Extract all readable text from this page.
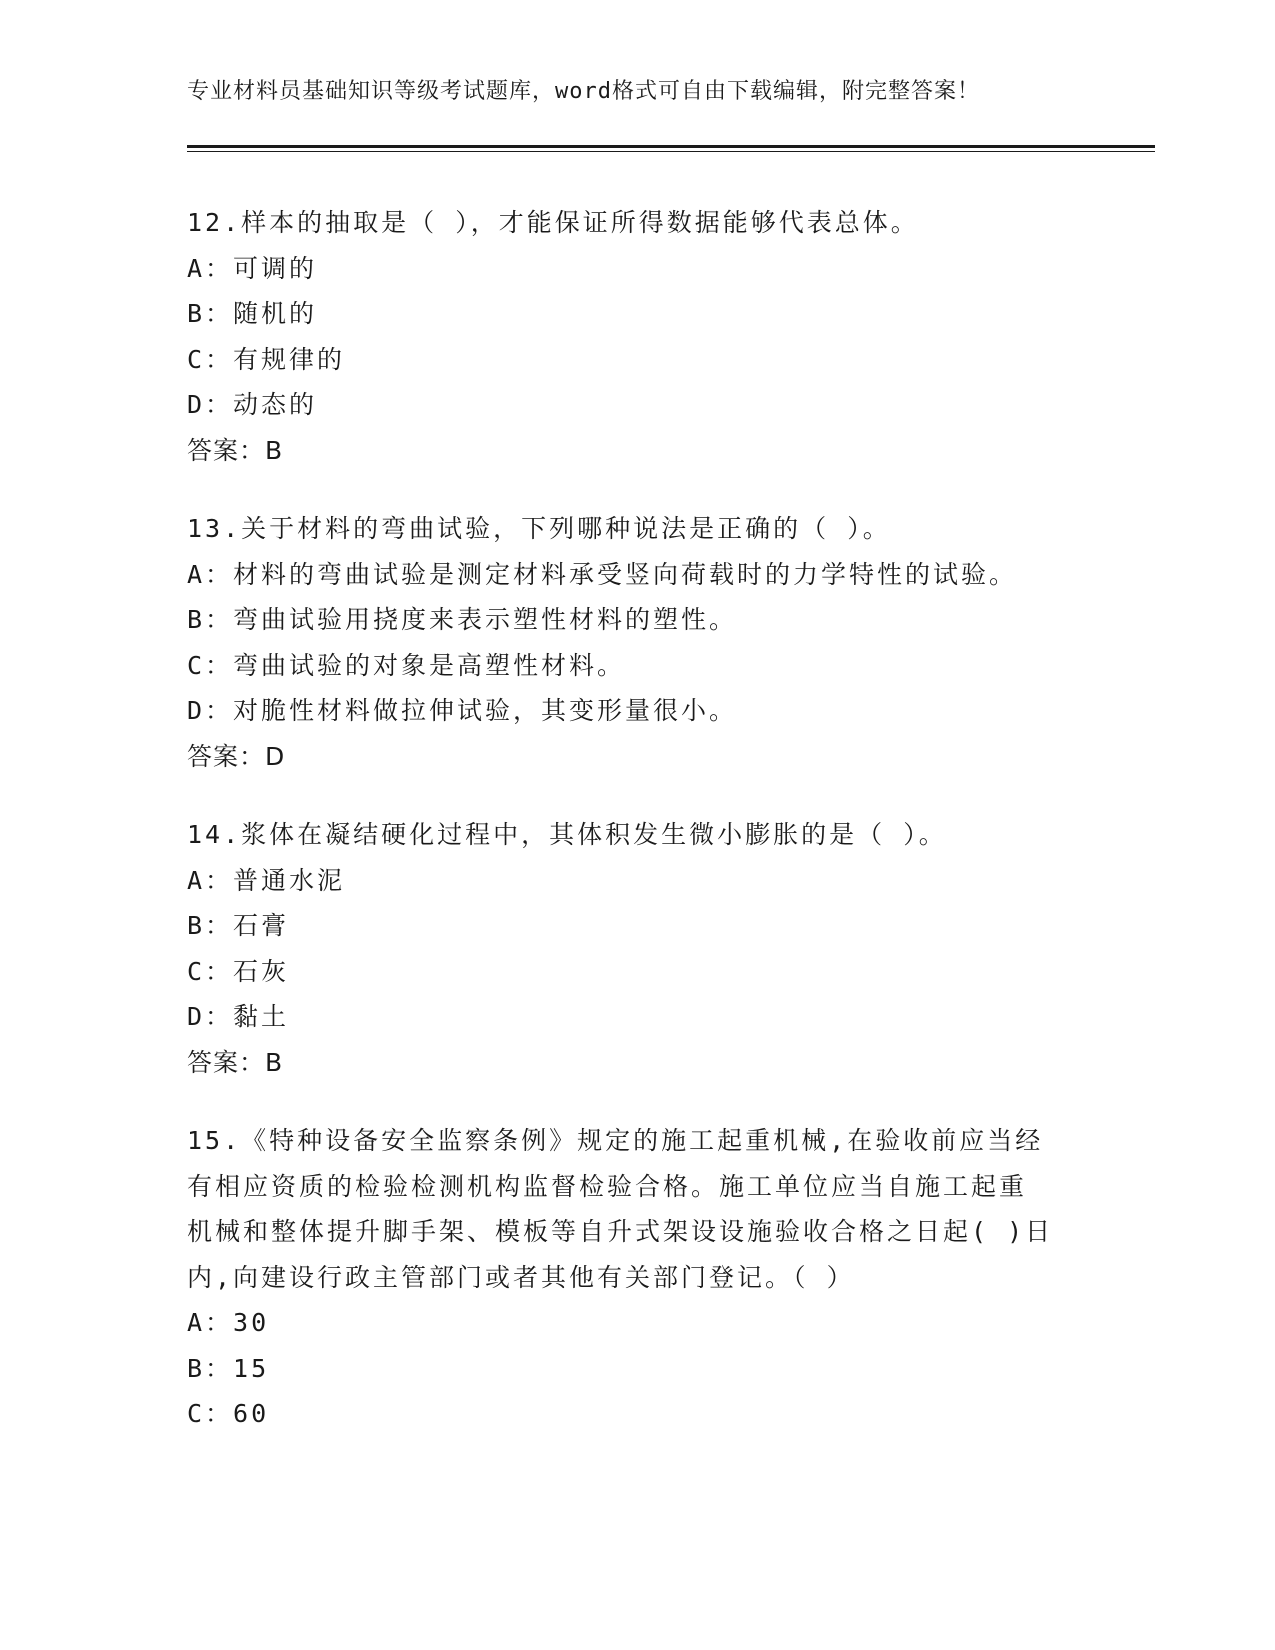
专业材料员基础知识等级考试题库，word格式可自由下载编辑，附完整答案！
12.样本的抽取是（ ），才能保证所得数据能够代表总体。
A：可调的
B：随机的
C：有规律的
D：动态的
答案：B
13.关于材料的弯曲试验，下列哪种说法是正确的（ ）。
A：材料的弯曲试验是测定材料承受竖向荷载时的力学特性的试验。
B：弯曲试验用挠度来表示塑性材料的塑性。
C：弯曲试验的对象是高塑性材料。
D：对脆性材料做拉伸试验，其变形量很小。
答案：D
14.浆体在凝结硬化过程中，其体积发生微小膨胀的是（ ）。
A：普通水泥
B：石膏
C：石灰
D：黏土
答案：B
15.《特种设备安全监察条例》规定的施工起重机械,在验收前应当经
有相应资质的检验检测机构监督检验合格。施工单位应当自施工起重
机械和整体提升脚手架、模板等自升式架设设施验收合格之日起( )日
内,向建设行政主管部门或者其他有关部门登记。（ ）
A：30
B：15
C：60
